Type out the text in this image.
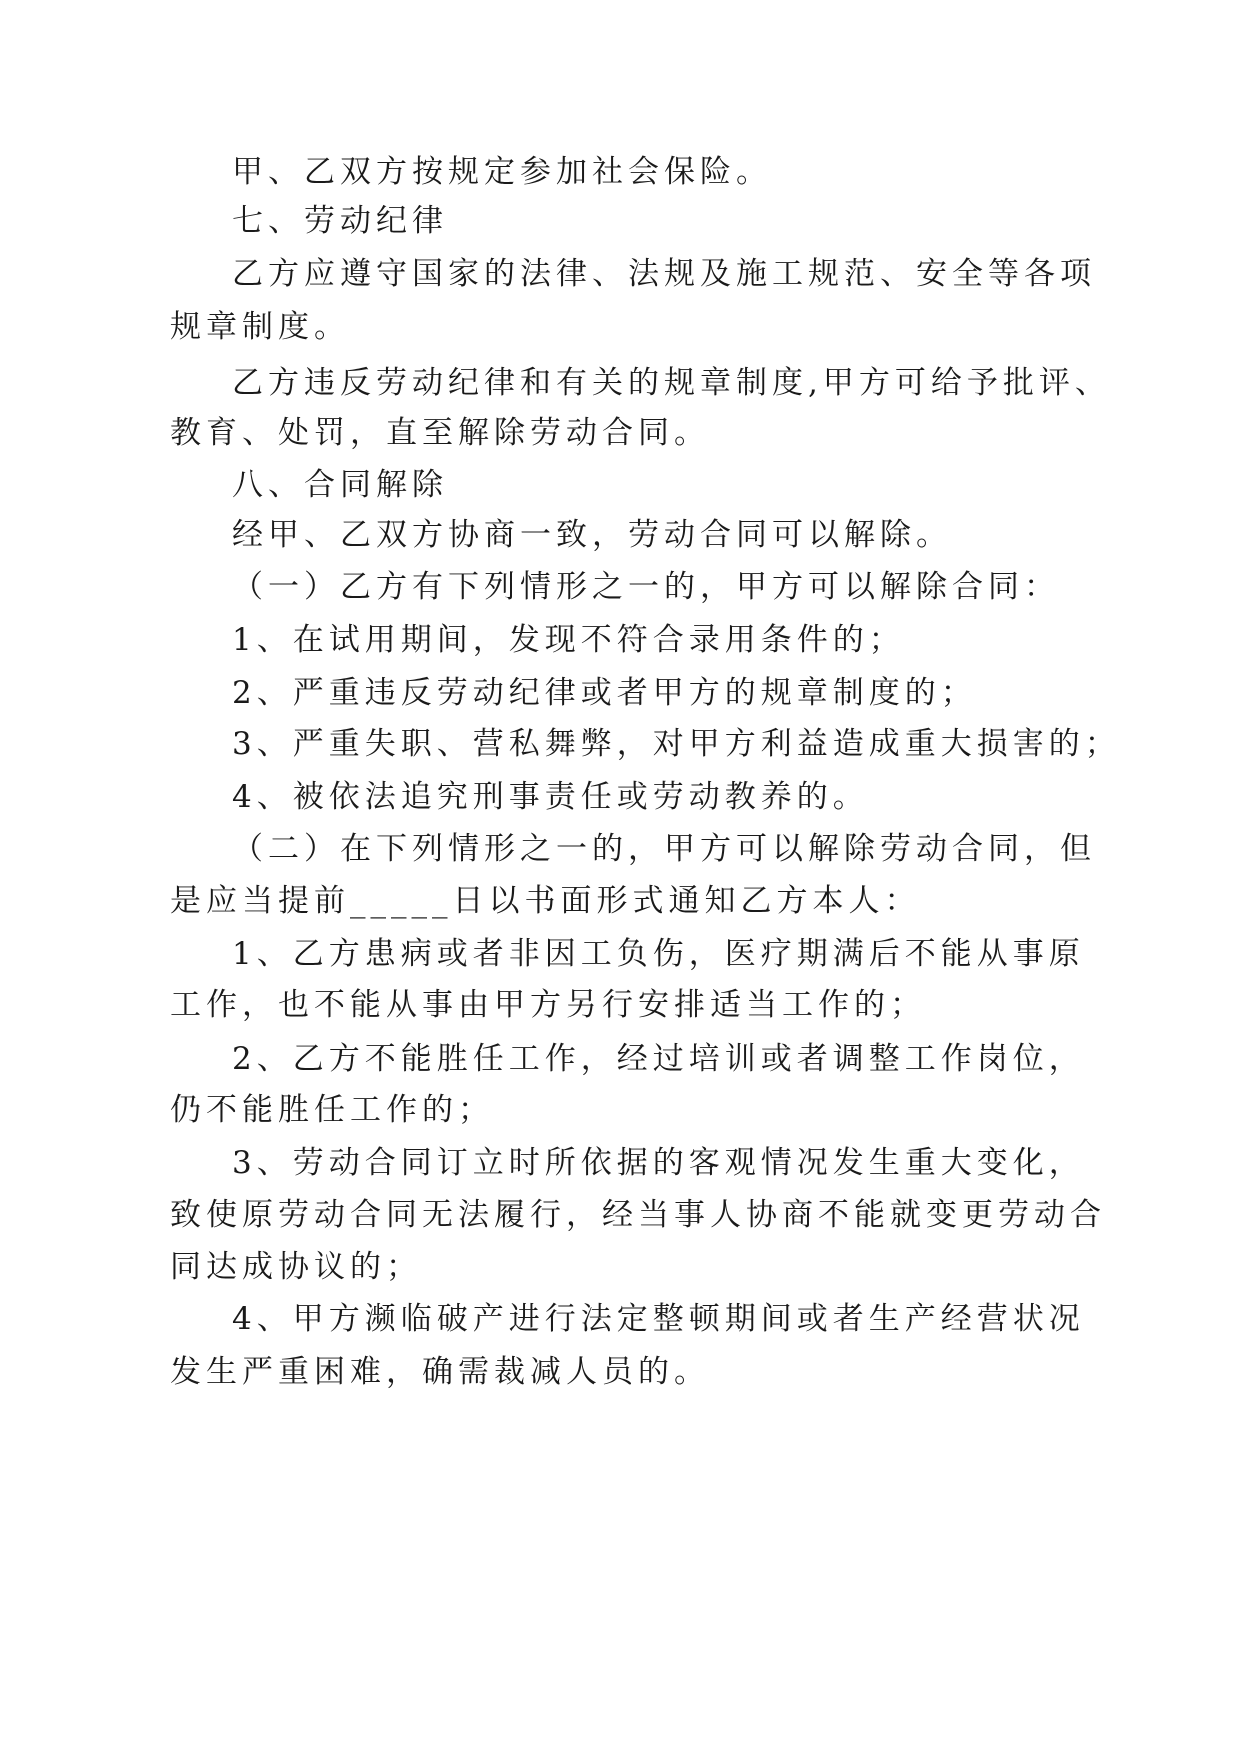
甲、乙双方按规定参加社会保险。
七、劳动纪律
乙方应遵守国家的法律、法规及施工规范、安全等各项
规章制度。
乙方违反劳动纪律和有关的规章制度,甲方可给予批评、
教育、处罚，直至解除劳动合同。
八、合同解除
经甲、乙双方协商一致，劳动合同可以解除。
（一）乙方有下列情形之一的，甲方可以解除合同：
1、在试用期间，发现不符合录用条件的；
2、严重违反劳动纪律或者甲方的规章制度的；
3、严重失职、营私舞弊，对甲方利益造成重大损害的；
4、被依法追究刑事责任或劳动教养的。
（二）在下列情形之一的，甲方可以解除劳动合同，但
是应当提前_____日以书面形式通知乙方本人：
1、乙方患病或者非因工负伤，医疗期满后不能从事原
工作，也不能从事由甲方另行安排适当工作的；
2、乙方不能胜任工作，经过培训或者调整工作岗位，
仍不能胜任工作的；
3、劳动合同订立时所依据的客观情况发生重大变化，
致使原劳动合同无法履行，经当事人协商不能就变更劳动合
同达成协议的；
4、甲方濒临破产进行法定整顿期间或者生产经营状况
发生严重困难，确需裁减人员的。
